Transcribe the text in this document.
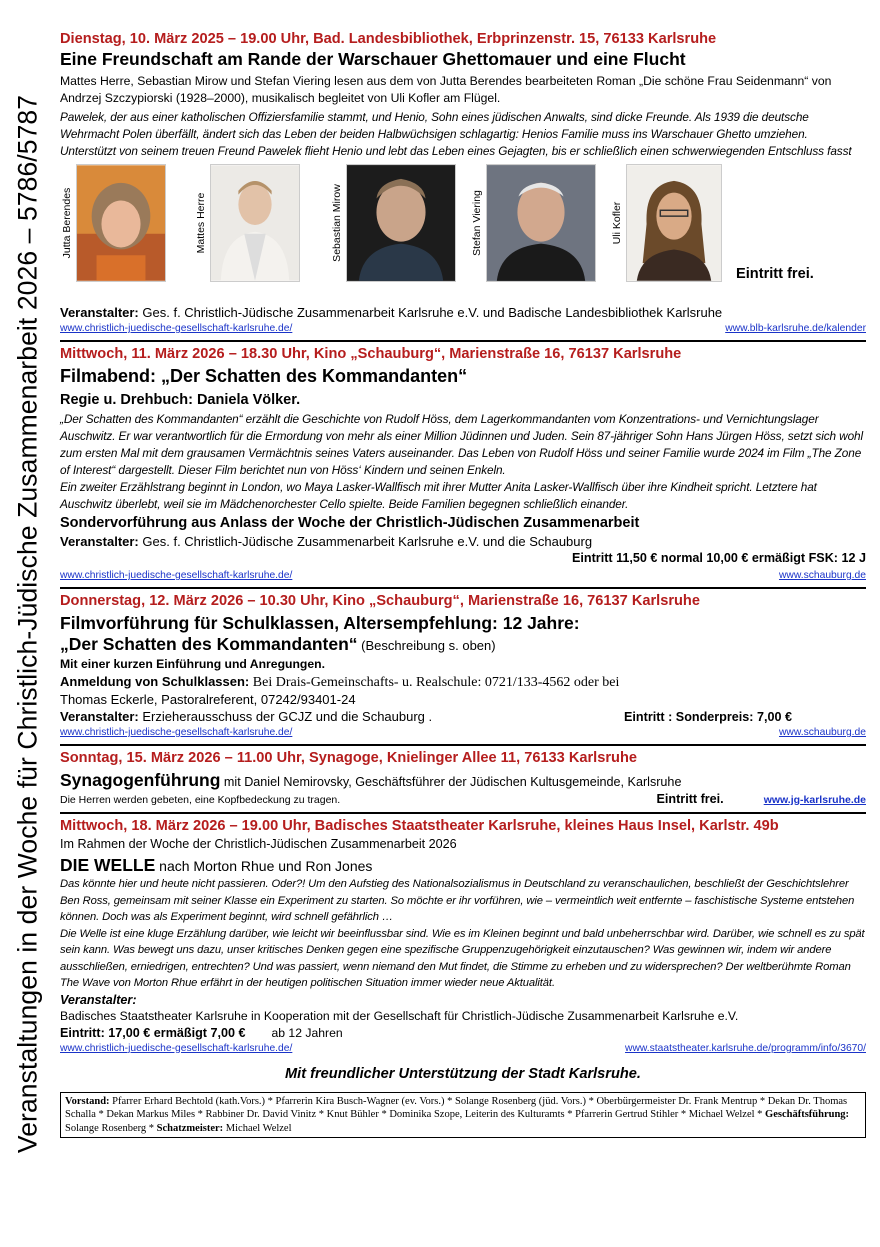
Veranstaltungen in der Woche für Christlich-Jüdische Zusammenarbeit 2026 – 5786/5787
Dienstag, 10. März 2025 – 19.00 Uhr, Bad. Landesbibliothek, Erbprinzenstr. 15, 76133 Karlsruhe
Eine Freundschaft am Rande der Warschauer Ghettomauer und eine Flucht
Mattes Herre, Sebastian Mirow und Stefan Viering lesen aus dem von Jutta Berendes bearbeiteten Roman „Die schöne Frau Seidenmann“ von Andrzej Szczypiorski (1928–2000), musikalisch begleitet von Uli Kofler am Flügel.
Pawelek, der aus einer katholischen Offiziersfamilie stammt, und Henio, Sohn eines jüdischen Anwalts, sind dicke Freunde. Als 1939 die deutsche Wehrmacht Polen überfällt, ändert sich das Leben der beiden Halbwüchsigen schlagartig: Henios Familie muss ins Warschauer Ghetto umziehen. Unterstützt von seinem treuen Freund Pawelek flieht Henio und lebt das Leben eines Gejagten, bis er schließlich einen schwerwiegenden Entschluss fasst
Jutta Berendes	Mattes Herre	Sebastian Mirow	Stefan Viering	Uli Kofler
Eintritt frei.
Veranstalter: Ges. f. Christlich-Jüdische Zusammenarbeit Karlsruhe e.V. und Badische Landesbibliothek Karlsruhe
www.christlich-juedische-gesellschaft-karlsruhe.de/	www.blb-karlsruhe.de/kalender
Mittwoch, 11. März 2026 – 18.30 Uhr, Kino „Schauburg“, Marienstraße 16, 76137 Karlsruhe
Filmabend: „Der Schatten des Kommandanten“
Regie u. Drehbuch: Daniela Völker.
„Der Schatten des Kommandanten“ erzählt die Geschichte von Rudolf Höss, dem Lagerkommandanten vom Konzentrations- und Vernichtungslager Auschwitz. Er war verantwortlich für die Ermordung von mehr als einer Million Jüdinnen und Juden. Sein 87-jähriger Sohn Hans Jürgen Höss, setzt sich wohl zum ersten Mal mit dem grausamen Vermächtnis seines Vaters auseinander. Das Leben von Rudolf Höss und seiner Familie wurde 2024 im Film „The Zone of Interest“ dargestellt. Dieser Film berichtet nun von Höss‘ Kindern und seinen Enkeln.
Ein zweiter Erzählstrang beginnt in London, wo Maya Lasker-Wallfisch mit ihrer Mutter Anita Lasker-Wallfisch über ihre Kindheit spricht. Letztere hat Auschwitz überlebt, weil sie im Mädchenorchester Cello spielte. Beide Familien begegnen schließlich einander.
Sondervorführung aus Anlass der Woche der Christlich-Jüdischen Zusammenarbeit
Veranstalter: Ges. f. Christlich-Jüdische Zusammenarbeit Karlsruhe e.V. und die Schauburg
Eintritt 11,50 € normal 10,00 € ermäßigt FSK: 12 J
www.christlich-juedische-gesellschaft-karlsruhe.de/	www.schauburg.de
Donnerstag, 12. März 2026 – 10.30 Uhr, Kino „Schauburg“, Marienstraße 16, 76137 Karlsruhe
Filmvorführung für Schulklassen, Altersempfehlung: 12 Jahre:
„Der Schatten des Kommandanten“ (Beschreibung s. oben)
Mit einer kurzen Einführung und Anregungen.
Anmeldung von Schulklassen: Bei Drais-Gemeinschafts- u. Realschule: 0721/133-4562 oder bei
Thomas Eckerle, Pastoralreferent, 07242/93401-24
Veranstalter: Erzieherausschuss der GCJZ und die Schauburg .	Eintritt : Sonderpreis: 7,00 €
www.christlich-juedische-gesellschaft-karlsruhe.de/	www.schauburg.de
Sonntag, 15. März 2026 – 11.00 Uhr, Synagoge, Knielinger Allee 11, 76133 Karlsruhe
Synagogenführung mit Daniel Nemirovsky, Geschäftsführer der Jüdischen Kultusgemeinde, Karlsruhe
Die Herren werden gebeten, eine Kopfbedeckung zu tragen.	Eintritt frei.	www.jg-karlsruhe.de
Mittwoch, 18. März 2026 – 19.00 Uhr, Badisches Staatstheater Karlsruhe, kleines Haus Insel, Karlstr. 49b
Im Rahmen der Woche der Christlich-Jüdischen Zusammenarbeit 2026
DIE WELLE nach Morton Rhue und Ron Jones
Das könnte hier und heute nicht passieren. Oder?! Um den Aufstieg des Nationalsozialismus in Deutschland zu veranschaulichen, beschließt der Geschichtslehrer Ben Ross, gemeinsam mit seiner Klasse ein Experiment zu starten. So möchte er ihr vorführen, wie – vermeintlich weit entfernte – faschistische Systeme entstehen können. Doch was als Experiment beginnt, wird schnell gefährlich …
Die Welle ist eine kluge Erzählung darüber, wie leicht wir beeinflussbar sind. Wie es im Kleinen beginnt und bald unbeherrschbar wird. Darüber, wie schnell es zu spät sein kann. Was bewegt uns dazu, unser kritisches Denken gegen eine spezifische Gruppenzugehörigkeit einzutauschen? Was gewinnen wir, indem wir andere ausschließen, erniedrigen, entrechten? Und was passiert, wenn niemand den Mut findet, die Stimme zu erheben und zu widersprechen? Der weltberühmte Roman The Wave von Morton Rhue erfährt in der heutigen politischen Situation immer wieder neue Aktualität.
Veranstalter:
Badisches Staatstheater Karlsruhe in Kooperation mit der Gesellschaft für Christlich-Jüdische Zusammenarbeit Karlsruhe e.V.
Eintritt: 17,00 € ermäßigt 7,00 € ab 12 Jahren
www.christlich-juedische-gesellschaft-karlsruhe.de/	www.staatstheater.karlsruhe.de/programm/info/3670/
Mit freundlicher Unterstützung der Stadt Karlsruhe.
Vorstand: Pfarrer Erhard Bechtold (kath.Vors.) * Pfarrerin Kira Busch-Wagner (ev. Vors.) * Solange Rosenberg (jüd. Vors.) * Oberbürgermeister Dr. Frank Mentrup * Dekan Dr. Thomas Schalla * Dekan Markus Miles * Rabbiner Dr. David Vinitz * Knut Bühler * Dominika Szope, Leiterin des Kulturamts * Pfarrerin Gertrud Stihler * Michael Welzel * Geschäftsführung: Solange Rosenberg * Schatzmeister: Michael Welzel
